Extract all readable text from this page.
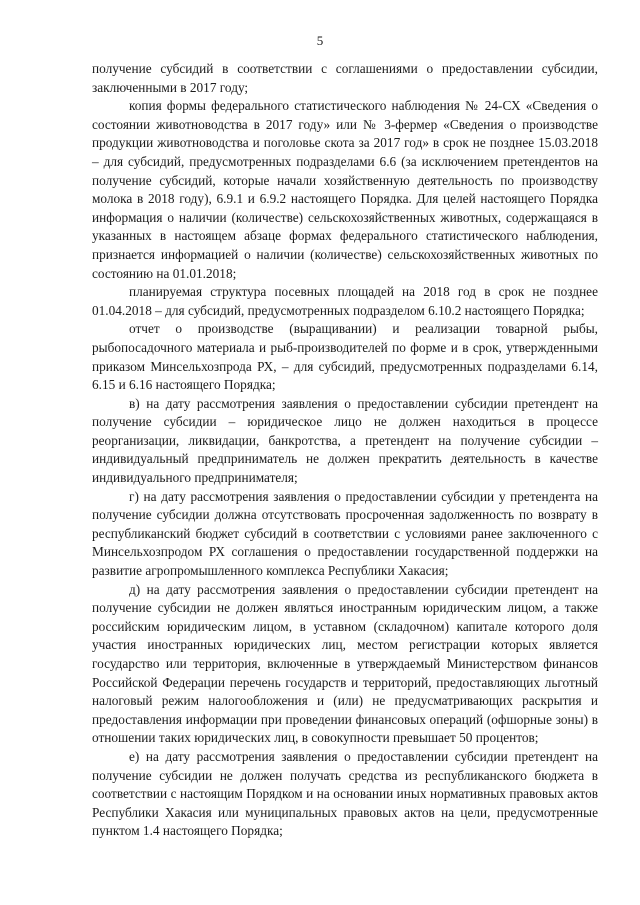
5

получение субсидий в соответствии с соглашениями о предоставлении субсидии, заключенными в 2017 году;

копия формы федерального статистического наблюдения № 24-СХ «Сведения о состоянии животноводства в 2017 году» или № 3-фермер «Сведения о производстве продукции животноводства и поголовье скота за 2017 год» в срок не позднее 15.03.2018 – для субсидий, предусмотренных подразделами 6.6 (за исключением претендентов на получение субсидий, которые начали хозяйственную деятельность по производству молока в 2018 году), 6.9.1 и 6.9.2 настоящего Порядка. Для целей настоящего Порядка информация о наличии (количестве) сельскохозяйственных животных, содержащаяся в указанных в настоящем абзаце формах федерального статистического наблюдения, признается информацией о наличии (количестве) сельскохозяйственных животных по состоянию на 01.01.2018;

планируемая структура посевных площадей на 2018 год в срок не позднее 01.04.2018 – для субсидий, предусмотренных подразделом 6.10.2 настоящего Порядка;

отчет о производстве (выращивании) и реализации товарной рыбы, рыбопосадочного материала и рыб-производителей по форме и в срок, утвержденными приказом Минсельхозпрода РХ, – для субсидий, предусмотренных подразделами 6.14, 6.15 и 6.16 настоящего Порядка;

в) на дату рассмотрения заявления о предоставлении субсидии претендент на получение субсидии – юридическое лицо не должен находиться в процессе реорганизации, ликвидации, банкротства, а претендент на получение субсидии – индивидуальный предприниматель не должен прекратить деятельность в качестве индивидуального предпринимателя;

г) на дату рассмотрения заявления о предоставлении субсидии у претендента на получение субсидии должна отсутствовать просроченная задолженность по возврату в республиканский бюджет субсидий в соответствии с условиями ранее заключенного с Минсельхозпродом РХ соглашения о предоставлении государственной поддержки на развитие агропромышленного комплекса Республики Хакасия;

д) на дату рассмотрения заявления о предоставлении субсидии претендент на получение субсидии не должен являться иностранным юридическим лицом, а также российским юридическим лицом, в уставном (складочном) капитале которого доля участия иностранных юридических лиц, местом регистрации которых является государство или территория, включенные в утверждаемый Министерством финансов Российской Федерации перечень государств и территорий, предоставляющих льготный налоговый режим налогообложения и (или) не предусматривающих раскрытия и предоставления информации при проведении финансовых операций (офшорные зоны) в отношении таких юридических лиц, в совокупности превышает 50 процентов;

е) на дату рассмотрения заявления о предоставлении субсидии претендент на получение субсидии не должен получать средства из республиканского бюджета в соответствии с настоящим Порядком и на основании иных нормативных правовых актов Республики Хакасия или муниципальных правовых актов на цели, предусмотренные пунктом 1.4 настоящего Порядка;
